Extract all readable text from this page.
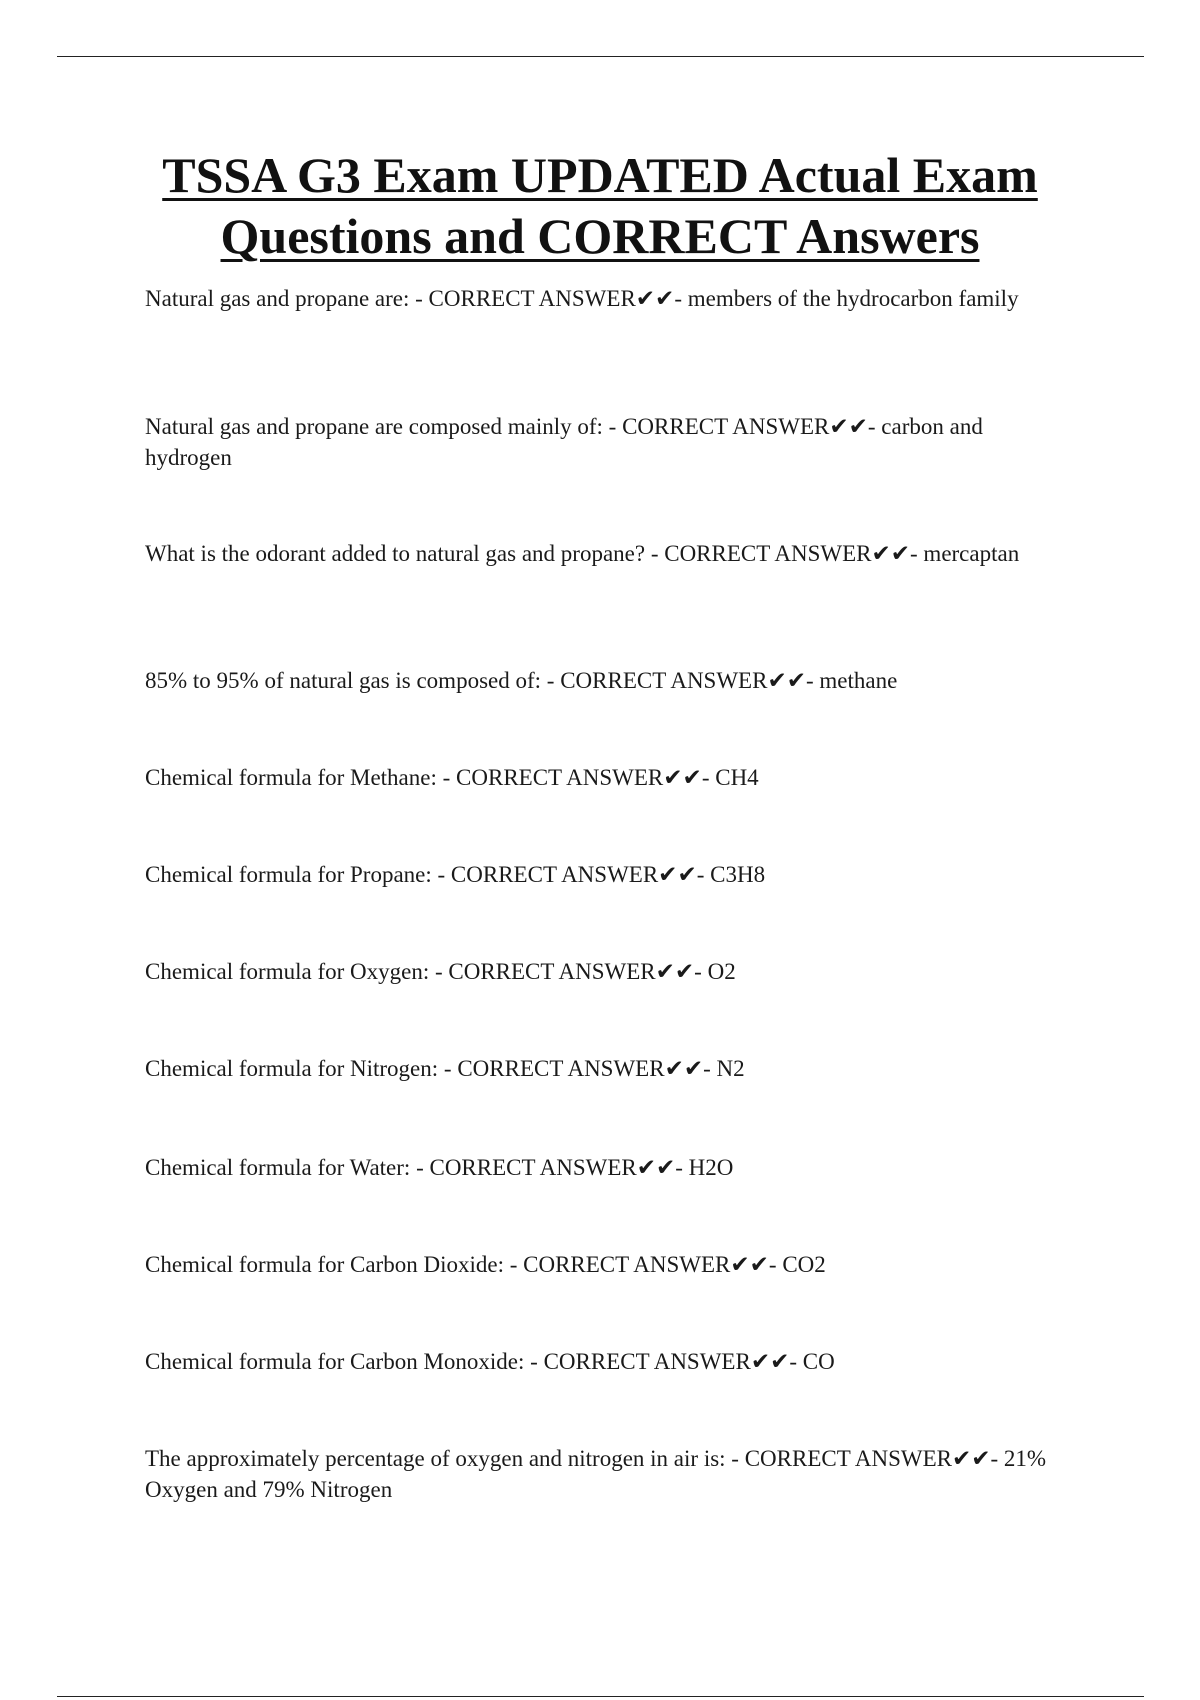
TSSA G3 Exam UPDATED Actual Exam
Questions and CORRECT Answers

Natural gas and propane are: - CORRECT ANSWER✔✔- members of the hydrocarbon family

Natural gas and propane are composed mainly of: - CORRECT ANSWER✔✔- carbon and hydrogen

What is the odorant added to natural gas and propane? - CORRECT ANSWER✔✔- mercaptan

85% to 95% of natural gas is composed of: - CORRECT ANSWER✔✔- methane

Chemical formula for Methane: - CORRECT ANSWER✔✔- CH4

Chemical formula for Propane: - CORRECT ANSWER✔✔- C3H8

Chemical formula for Oxygen: - CORRECT ANSWER✔✔- O2

Chemical formula for Nitrogen: - CORRECT ANSWER✔✔- N2

Chemical formula for Water: - CORRECT ANSWER✔✔- H2O

Chemical formula for Carbon Dioxide: - CORRECT ANSWER✔✔- CO2

Chemical formula for Carbon Monoxide: - CORRECT ANSWER✔✔- CO

The approximately percentage of oxygen and nitrogen in air is: - CORRECT ANSWER✔✔- 21% Oxygen and 79% Nitrogen
